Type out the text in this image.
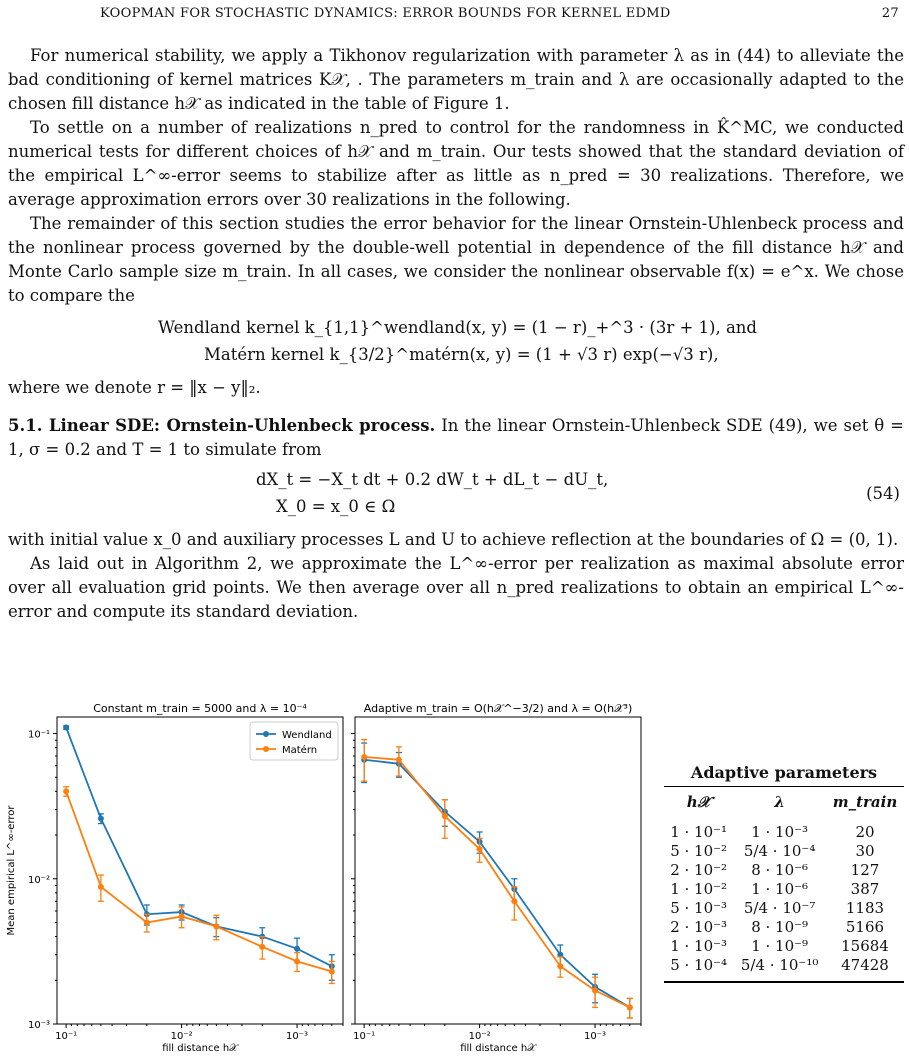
KOOPMAN FOR STOCHASTIC DYNAMICS: ERROR BOUNDS FOR KERNEL EDMD	27

For numerical stability, we apply a Tikhonov regularization with parameter λ as in (44) to alleviate the bad conditioning of kernel matrices K𝒳, . The parameters m_train and λ are occasionally adapted to the chosen fill distance h𝒳 as indicated in the table of Figure 1.

To settle on a number of realizations n_pred to control for the randomness in K̂^MC, we conducted numerical tests for different choices of h𝒳 and m_train. Our tests showed that the standard deviation of the empirical L^∞-error seems to stabilize after as little as n_pred = 30 realizations. Therefore, we average approximation errors over 30 realizations in the following.

The remainder of this section studies the error behavior for the linear Ornstein-Uhlenbeck process and the nonlinear process governed by the double-well potential in dependence of the fill distance h𝒳 and Monte Carlo sample size m_train. In all cases, we consider the nonlinear observable f(x) = e^x. We chose to compare the

Wendland kernel k_{1,1}^wendland(x, y) = (1 − r)_+^3 · (3r + 1), and
Matérn kernel k_{3/2}^matérn(x, y) = (1 + √3 r) exp(−√3 r),

where we denote r = ‖x − y‖₂.

5.1. Linear SDE: Ornstein-Uhlenbeck process. In the linear Ornstein-Uhlenbeck SDE (49), we set θ = 1, σ = 0.2 and T = 1 to simulate from

dX_t = −X_t dt + 0.2 dW_t + dL_t − dU_t,
X_0 = x_0 ∈ Ω
(54)

with initial value x_0 and auxiliary processes L and U to achieve reflection at the boundaries of Ω = (0, 1).

As laid out in Algorithm 2, we approximate the L^∞-error per realization as maximal absolute error over all evaluation grid points. We then average over all n_pred realizations to obtain an empirical L^∞-error and compute its standard deviation.

Constant m_train = 5000 and λ = 10⁻⁴
fill distance h𝒳
10⁻¹	10⁻²	10⁻³
10⁻¹
10⁻²
10⁻³
Mean empirical L^∞-error
Wendland
Matérn
Adaptive m_train = O(h𝒳^−3/2) and λ = O(h𝒳³)
fill distance h𝒳
10⁻¹	10⁻²	10⁻³
Adaptive parameters
h𝒳	λ	m_train
1 · 10⁻¹	1 · 10⁻³	20
5 · 10⁻²	5/4 · 10⁻⁴	30
2 · 10⁻²	8 · 10⁻⁶	127
1 · 10⁻²	1 · 10⁻⁶	387
5 · 10⁻³	5/4 · 10⁻⁷	1183
2 · 10⁻³	8 · 10⁻⁹	5166
1 · 10⁻³	1 · 10⁻⁹	15684
5 · 10⁻⁴	5/4 · 10⁻¹⁰	47428
